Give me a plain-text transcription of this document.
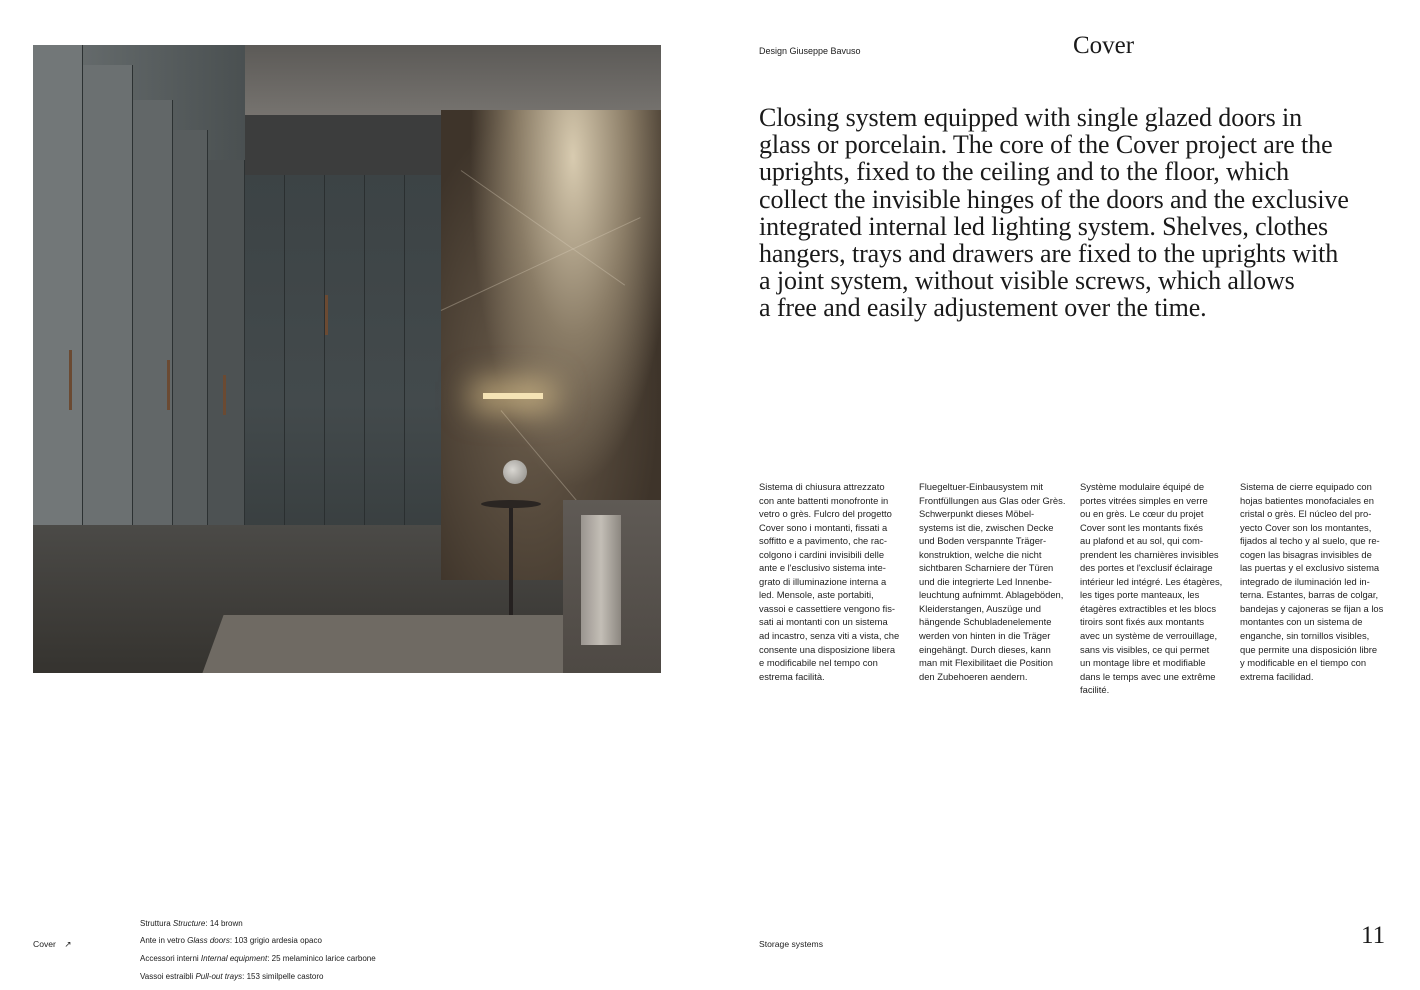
Design Giuseppe Bavuso	Cover
Closing system equipped with single glazed doors in
glass or porcelain. The core of the Cover project are the
uprights, fixed to the ceiling and to the floor, which
collect the invisible hinges of the doors and the exclusive
integrated internal led lighting system. Shelves, clothes
hangers, trays and drawers are fixed to the uprights with
a joint system, without visible screws, which allows
a free and easily adjustement over the time.
Sistema di chiusura attrezzato
con ante battenti monofronte in
vetro o grès. Fulcro del progetto
Cover sono i montanti, fissati a
soffitto e a pavimento, che rac-
colgono i cardini invisibili delle
ante e l'esclusivo sistema inte-
grato di illuminazione interna a
led. Mensole, aste portabiti,
vassoi e cassettiere vengono fis-
sati ai montanti con un sistema
ad incastro, senza viti a vista, che
consente una disposizione libera
e modificabile nel tempo con
estrema facilità.
Fluegeltuer-Einbausystem mit
Frontfüllungen aus Glas oder Grès.
Schwerpunkt dieses Möbel-
systems ist die, zwischen Decke
und Boden verspannte Träger-
konstruktion, welche die nicht
sichtbaren Scharniere der Türen
und die integrierte Led Innenbe-
leuchtung aufnimmt. Ablageböden,
Kleiderstangen, Auszüge und
hängende Schubladenelemente
werden von hinten in die Träger
eingehängt. Durch dieses, kann
man mit Flexibilitaet die Position
den Zubehoeren aendern.
Système modulaire équipé de
portes vitrées simples en verre
ou en grès. Le cœur du projet
Cover sont les montants fixés
au plafond et au sol, qui com-
prendent les charnières invisibles
des portes et l'exclusif éclairage
intérieur led intégré. Les étagères,
les tiges porte manteaux, les
étagères extractibles et les blocs
tiroirs sont fixés aux montants
avec un système de verrouillage,
sans vis visibles, ce qui permet
un montage libre et modifiable
dans le temps avec une extrême
facilité.
Sistema de cierre equipado con
hojas batientes monofaciales en
cristal o grès. El núcleo del pro-
yecto Cover son los montantes,
fijados al techo y al suelo, que re-
cogen las bisagras invisibles de
las puertas y el exclusivo sistema
integrado de iluminación led in-
terna. Estantes, barras de colgar,
bandejas y cajoneras se fijan a los
montantes con un sistema de
enganche, sin tornillos visibles,
que permite una disposición libre
y modificable en el tiempo con
extrema facilidad.
Cover ↗

Struttura Structure: 14 brown

Ante in vetro Glass doors: 103 grigio ardesia opaco

Accessori interni Internal equipment: 25 melaminico larice carbone

Vassoi estraibli Pull-out trays: 153 similpelle castoro

Storage systems	11
